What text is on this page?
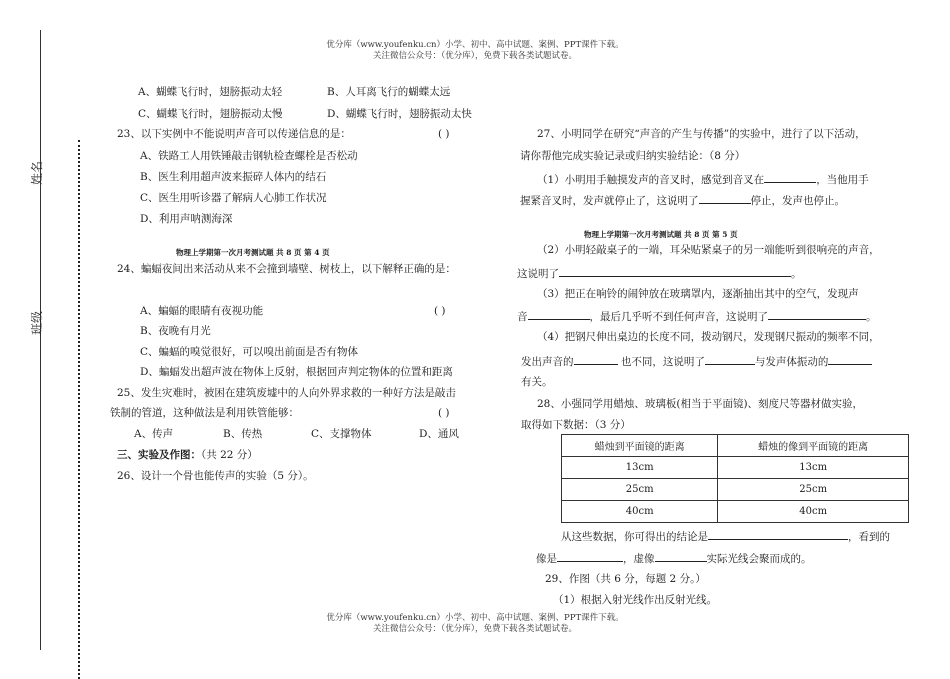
优分库（www.youfenku.cn）小学、初中、高中试题、案例、PPT课件下载。
关注微信公众号：（优分库），免费下载各类试题试卷。
姓名
班级
A、蝴蝶飞行时，翅膀振动太轻	B、人耳离飞行的蝴蝶太远
C、蝴蝶飞行时，翅膀振动太慢	D、蝴蝶飞行时，翅膀振动太快
23、以下实例中不能说明声音可以传递信息的是：	( )
A、铁路工人用铁锤敲击钢轨检查螺栓是否松动
B、医生利用超声波来振碎人体内的结石
C、医生用听诊器了解病人心肺工作状况
D、利用声呐测海深
物理上学期第一次月考测试题 共 8 页 第 4 页
24、蝙蝠夜间出来活动从来不会撞到墙壁、树枝上，以下解释正确的是：
A、蝙蝠的眼睛有夜视功能	( )
B、夜晚有月光
C、蝙蝠的嗅觉很好，可以嗅出前面是否有物体
D、蝙蝠发出超声波在物体上反射，根据回声判定物体的位置和距离
25、发生灾难时，被困在建筑废墟中的人向外界求救的一种好方法是敲击
铁制的管道，这种做法是利用铁管能够：	( )
A、传声	B、传热	C、支撑物体	D、通风
三、实验及作图：（共 22 分）
26、设计一个骨也能传声的实验（5 分）。
27、小明同学在研究“声音的产生与传播”的实验中，进行了以下活动，
请你帮他完成实验记录或归纳实验结论：（8 分）
（1）小明用手触摸发声的音叉时，感觉到音叉在	，当他用手
握紧音叉时，发声就停止了，这说明了	停止，发声也停止。
物理上学期第一次月考测试题 共 8 页 第 5 页
（2）小明轻敲桌子的一端，耳朵贴紧桌子的另一端能听到很响亮的声音，
这说明了	。
（3）把正在响铃的闹钟放在玻璃罩内，逐渐抽出其中的空气，发现声
音	，最后几乎听不到任何声音，这说明了	。
（4）把钢尺伸出桌边的长度不同，拨动钢尺，发现钢尺振动的频率不同，
发出声音的	也不同，这说明了	与发声体振动的
有关。
28、小强同学用蜡烛、玻璃板(相当于平面镜)、刻度尺等器材做实验，
取得如下数据：（3 分）
蜡烛到平面镜的距离	蜡烛的像到平面镜的距离
13cm	13cm
25cm	25cm
40cm	40cm
从这些数据，你可得出的结论是	，看到的
像是	，虚像	实际光线会聚而成的。
29、作图（共 6 分，每题 2 分。）
（1）根据入射光线作出反射光线。
优分库（www.youfenku.cn）小学、初中、高中试题、案例、PPT课件下载。
关注微信公众号：（优分库），免费下载各类试题试卷。
